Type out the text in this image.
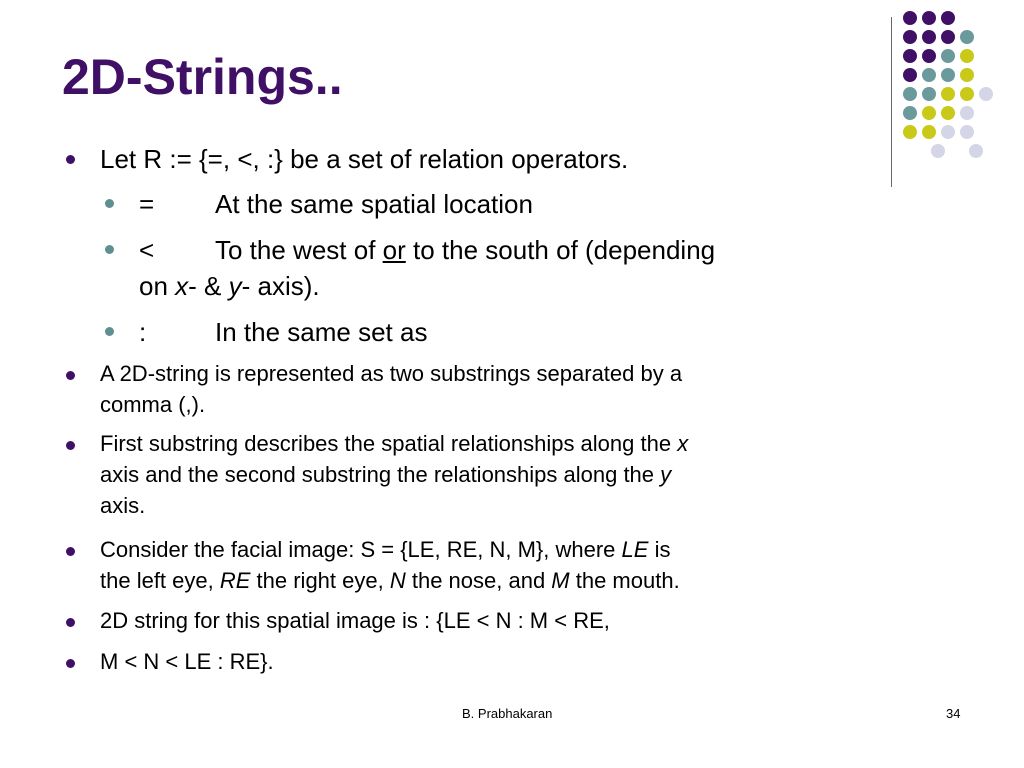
2D-Strings..

Let R := {=, <, :} be a set of relation operators.

= At the same spatial location

< To the west of or to the south of (depending
on x- & y- axis).

:	In the same set as

A 2D-string is represented as two substrings separated by a
comma (,).

First substring describes the spatial relationships along the x
axis and the second substring the relationships along the y
axis.

Consider the facial image: S = {LE, RE, N, M}, where LE is
the left eye, RE the right eye, N the nose, and M the mouth.

2D string for this spatial image is : {LE < N : M < RE,

M < N < LE : RE}.

B. Prabhakaran	34
